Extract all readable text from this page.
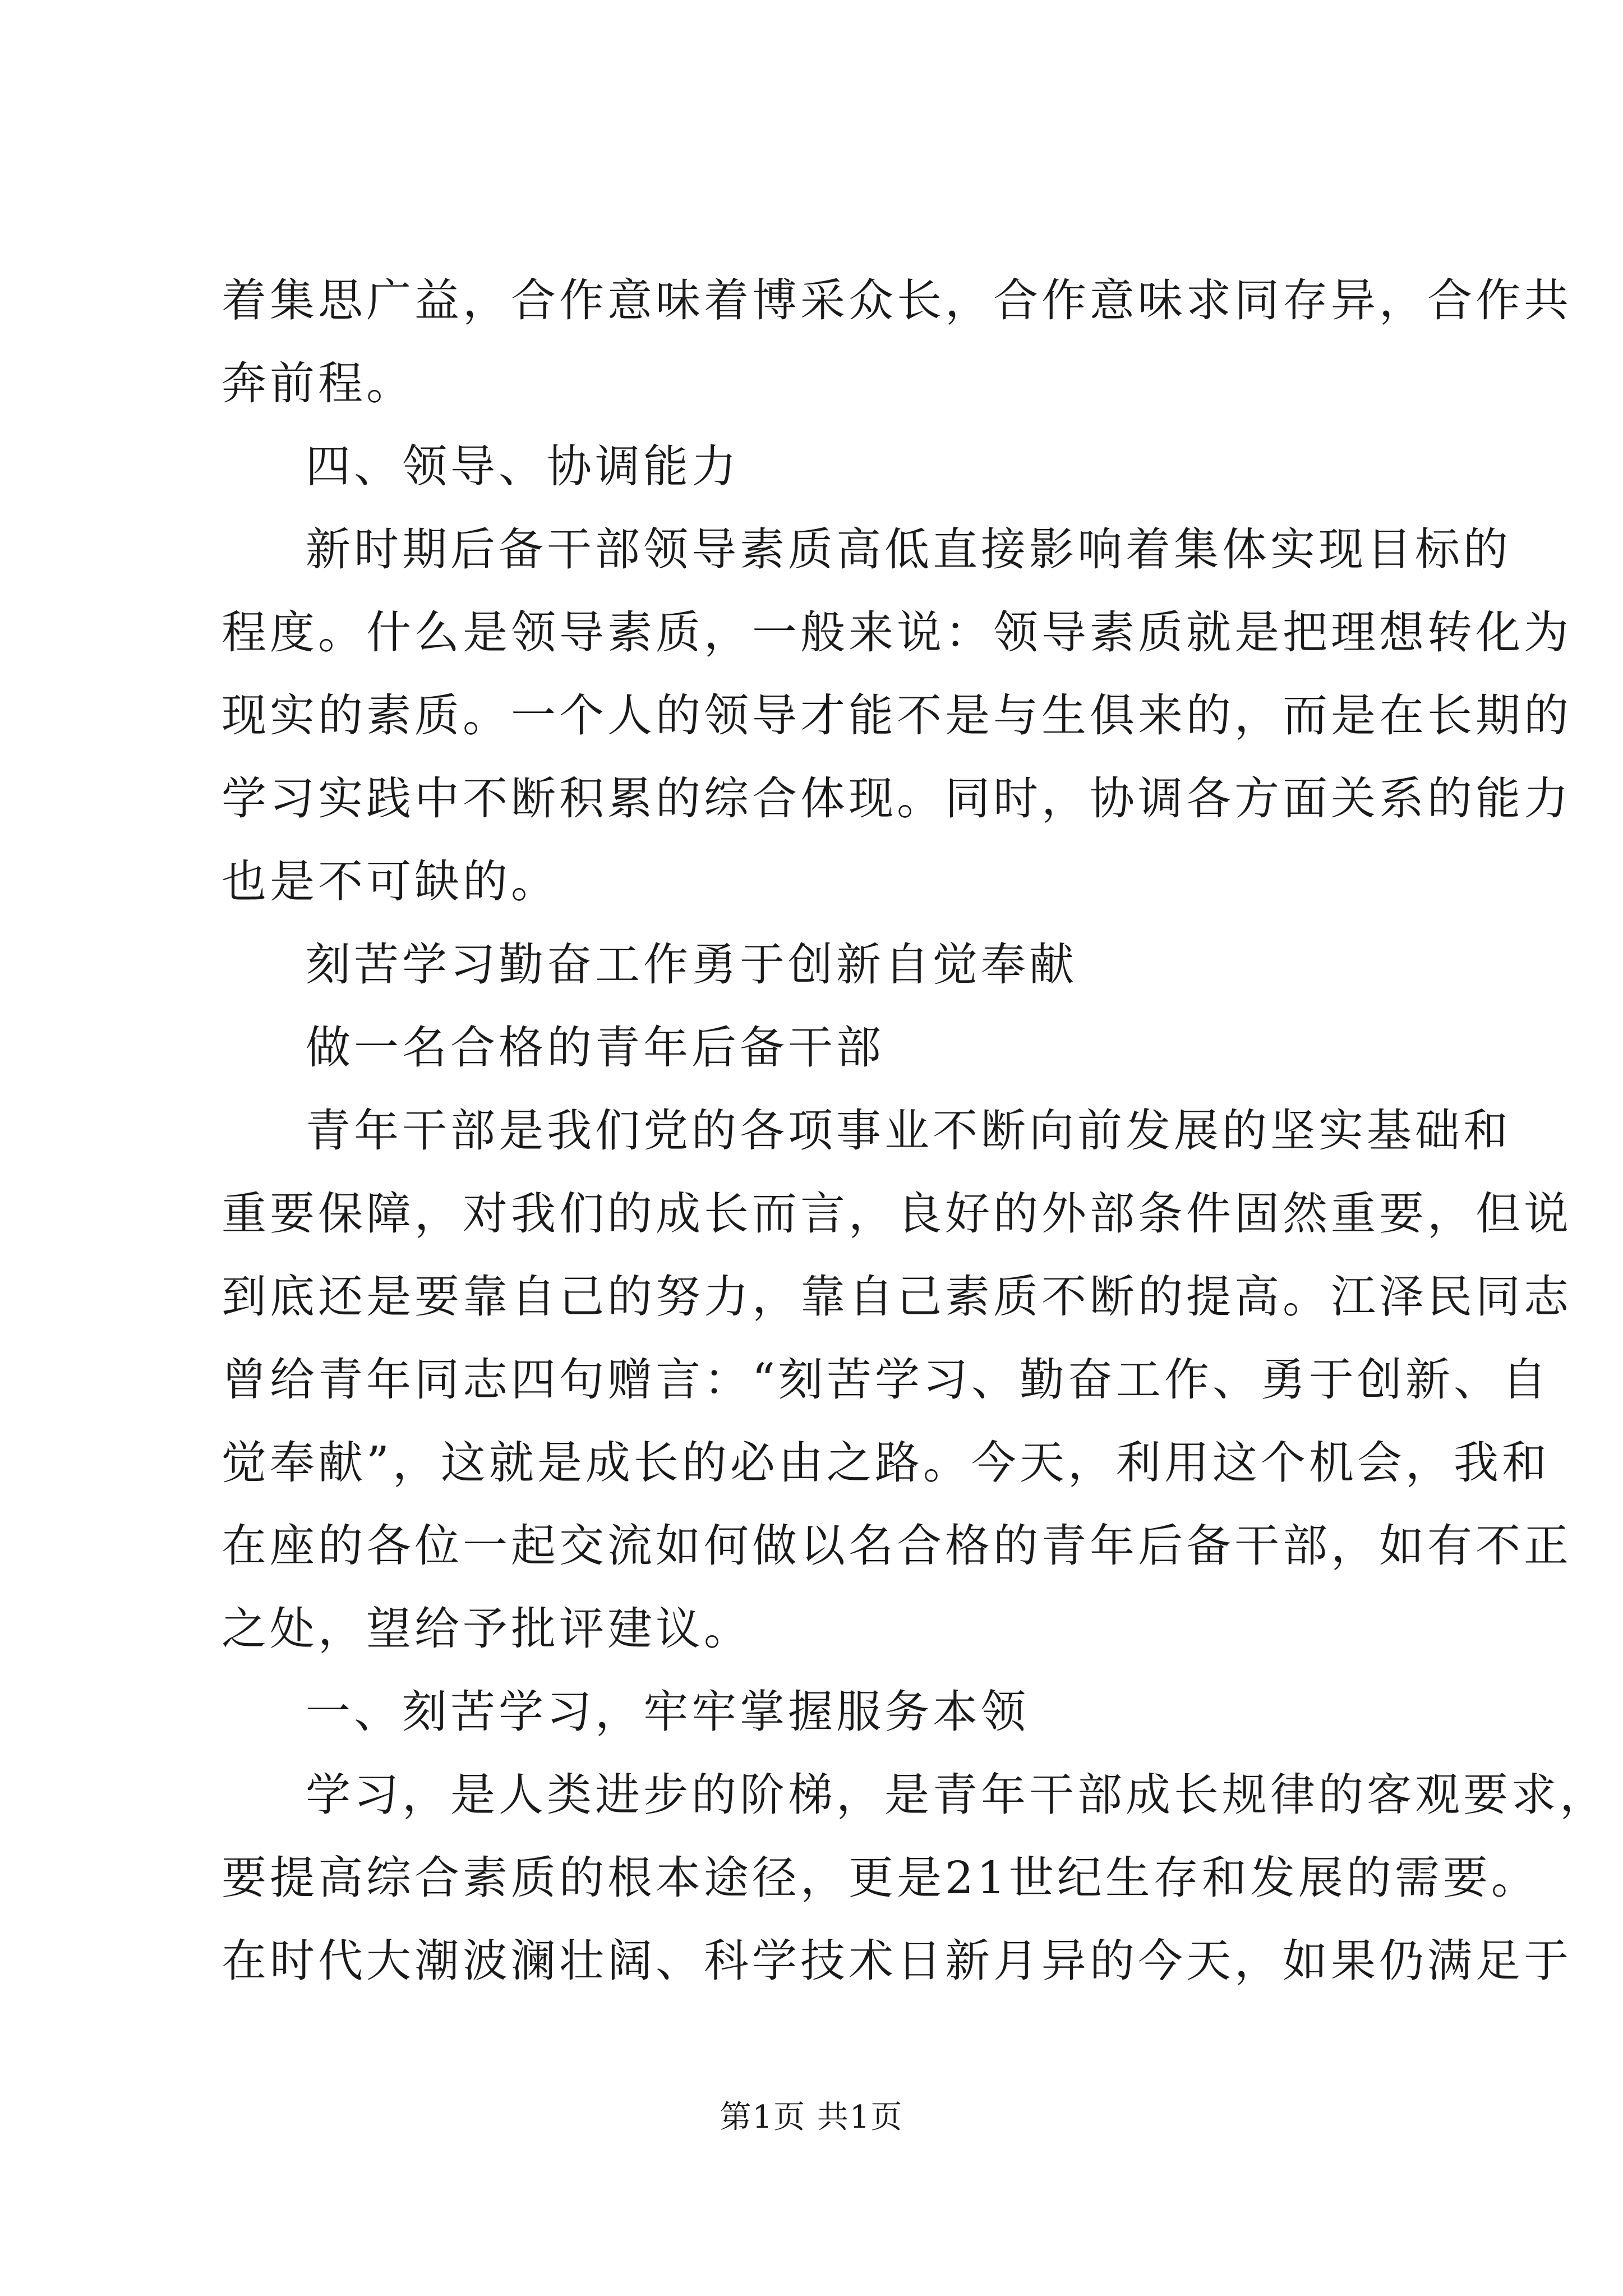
着集思广益，合作意味着博采众长，合作意味求同存异，合作共
奔前程。
四、领导、协调能力
新时期后备干部领导素质高低直接影响着集体实现目标的
程度。什么是领导素质，一般来说：领导素质就是把理想转化为
现实的素质。一个人的领导才能不是与生俱来的，而是在长期的
学习实践中不断积累的综合体现。同时，协调各方面关系的能力
也是不可缺的。
刻苦学习勤奋工作勇于创新自觉奉献
做一名合格的青年后备干部
青年干部是我们党的各项事业不断向前发展的坚实基础和
重要保障，对我们的成长而言，良好的外部条件固然重要，但说
到底还是要靠自己的努力，靠自己素质不断的提高。江泽民同志
曾给青年同志四句赠言：“刻苦学习、勤奋工作、勇于创新、自
觉奉献”，这就是成长的必由之路。今天，利用这个机会，我和
在座的各位一起交流如何做以名合格的青年后备干部，如有不正
之处，望给予批评建议。
一、刻苦学习，牢牢掌握服务本领
学习，是人类进步的阶梯，是青年干部成长规律的客观要求，
要提高综合素质的根本途径，更是21世纪生存和发展的需要。
在时代大潮波澜壮阔、科学技术日新月异的今天，如果仍满足于
第1页 共1页
